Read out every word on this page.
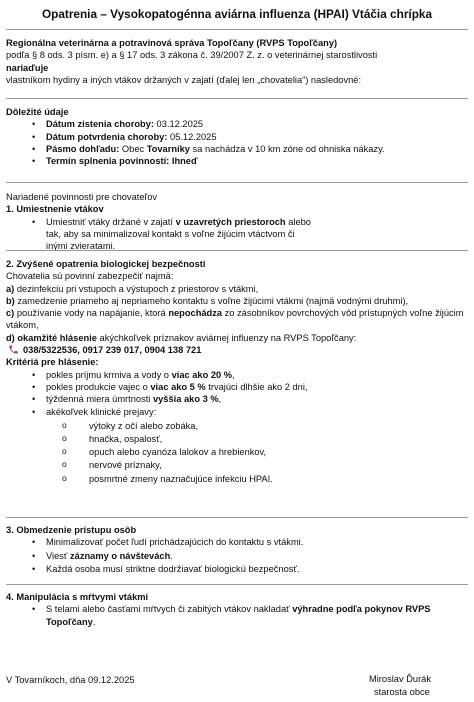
Opatrenia – Vysokopatogénna aviárna influenza (HPAI) Vtáčia chrípka
Regionálna veterinárna a potravinová správa Topoľčany (RVPS Topoľčany)
podľa § 8 ods. 3 písm. e) a § 17 ods. 3 zákona č. 39/2007 Z. z. o veterinárnej starostlivosti
nariaďuje
vlastníkom hydiny a iných vtákov držaných v zajatí (ďalej len „chovatelia“) nasledovné:
Dôležité údaje
• Dátum zistenia choroby: 03.12.2025
• Dátum potvrdenia choroby: 05.12.2025
• Pásmo dohľadu: Obec Tovarníky sa nachádza v 10 km zóne od ohniska nákazy.
• Termín splnenia povinností: Ihneď
Nariadené povinnosti pre chovateľov
1. Umiestnenie vtákov
• Umiestniť vtáky držané v zajatí v uzavretých priestoroch alebo tak, aby sa minimalizoval kontakt s voľne žijúcim vtáctvom či inými zvieratami.
2. Zvýšené opatrenia biologickej bezpečnosti
Chovatelia sú povinní zabezpečiť najmä:
a) dezinfekciu pri vstupoch a výstupoch z priestorov s vtákmi,
b) zamedzenie priameho aj nepriameho kontaktu s voľne žijúcimi vtákmi (najmä vodnými druhmi),
c) používanie vody na napájanie, ktorá nepochádza zo zásobníkov povrchových vôd prístupných voľne žijúcim vtákom,
d) okamžité hlásenie akýchkoľvek príznakov aviárnej influenzy na RVPS Topoľčany:
038/5322536, 0917 239 017, 0904 138 721
Kritériá pre hlásenie:
• pokles príjmu krmiva a vody o viac ako 20 %,
• pokles produkcie vajec o viac ako 5 % trvajúci dlhšie ako 2 dni,
• týždenná miera úmrtnosti vyššia ako 3 %,
• akékoľvek klinické prejavy:
o výtoky z očí alebo zobáka,
o hnačka, ospalosť,
o opuch alebo cyanóza lalokov a hrebienkov,
o nervové príznaky,
o posmrtné zmeny naznačujúce infekciu HPAI.
3. Obmedzenie prístupu osôb
• Minimalizovať počet ľudí prichádzajúcich do kontaktu s vtákmi.
• Viesť záznamy o návštevách.
• Každá osoba musí striktne dodržiavať biologickú bezpečnosť.
4. Manipulácia s mŕtvymi vtákmi
• S telami alebo časťami mŕtvych či zabitých vtákov nakladať výhradne podľa pokynov RVPS Topoľčany.
V Tovarníkoch, dňa 09.12.2025	Miroslav Ďurák
starosta obce
